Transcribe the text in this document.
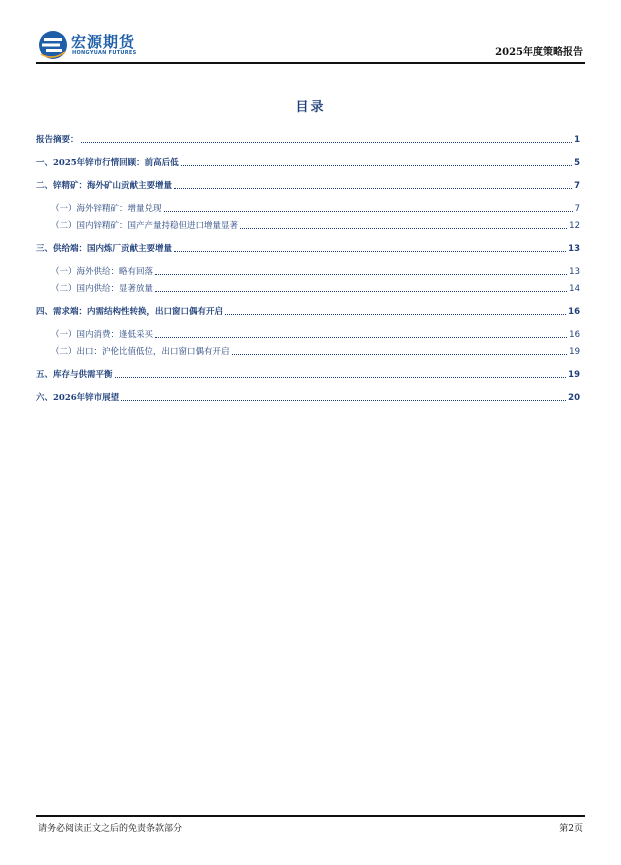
宏源期货
HONGYUAN FUTURES	2025年度策略报告
目录
报告摘要：	1
一、2025年锌市行情回顾：前高后低	5
二、锌精矿：海外矿山贡献主要增量	7
（一）海外锌精矿：增量兑现	7
（二）国内锌精矿：国产产量持稳但进口增量显著	12
三、供给端：国内炼厂贡献主要增量	13
（一）海外供给：略有回落	13
（二）国内供给：显著放量	14
四、需求端：内需结构性转换，出口窗口偶有开启	16
（一）国内消费：逢低采买	16
（二）出口：沪伦比值低位，出口窗口偶有开启	19
五、库存与供需平衡	19
六、2026年锌市展望	20
请务必阅读正文之后的免责条款部分	第2页
